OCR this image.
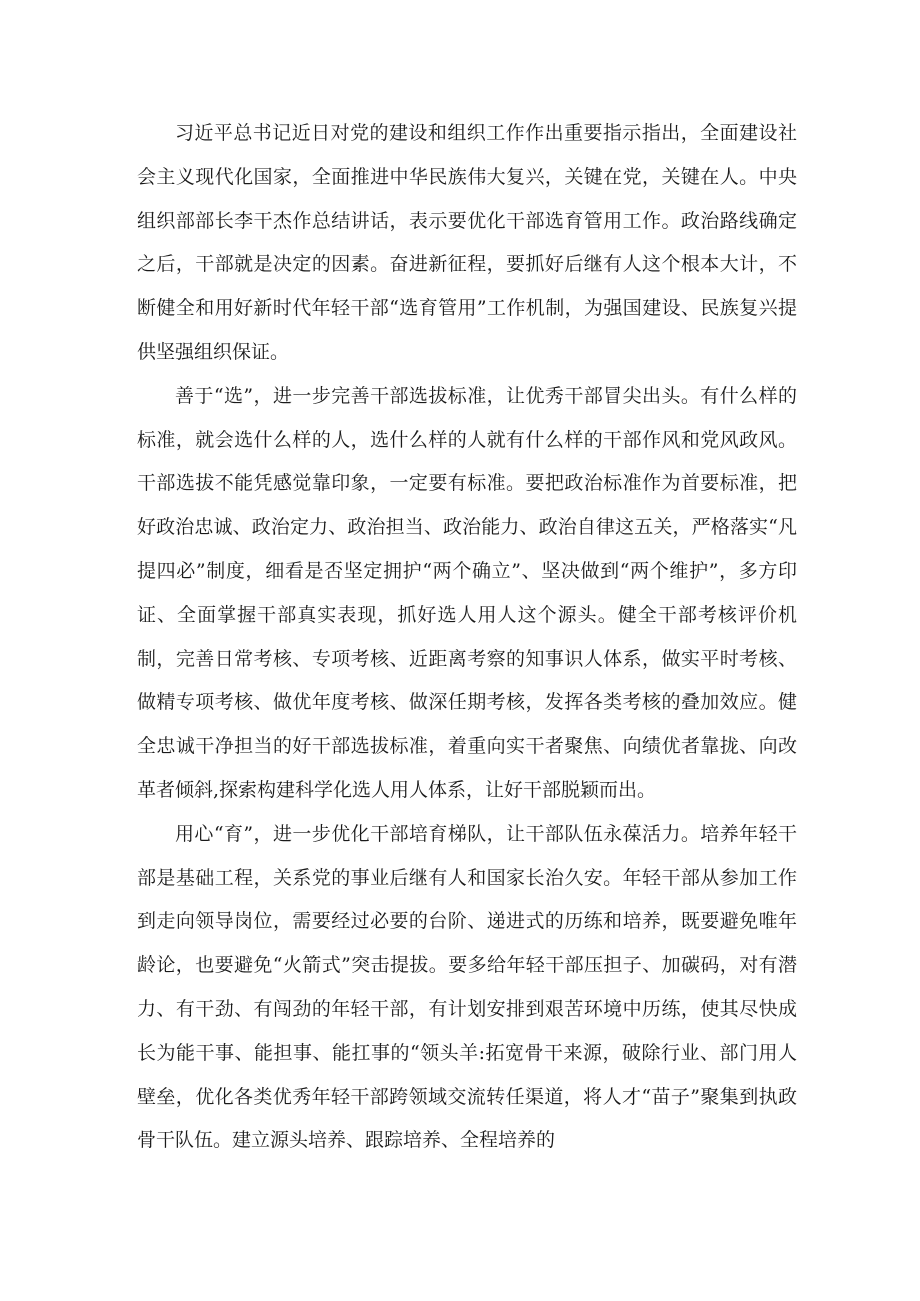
习近平总书记近日对党的建设和组织工作作出重要指示指出，全面建设社会主义现代化国家，全面推进中华民族伟大复兴，关键在党，关键在人。中央组织部部长李干杰作总结讲话，表示要优化干部选育管用工作。政治路线确定之后，干部就是决定的因素。奋进新征程，要抓好后继有人这个根本大计，不断健全和用好新时代年轻干部“选育管用”工作机制，为强国建设、民族复兴提供坚强组织保证。

善于“选”，进一步完善干部选拔标准，让优秀干部冒尖出头。有什么样的标准，就会选什么样的人，选什么样的人就有什么样的干部作风和党风政风。干部选拔不能凭感觉靠印象，一定要有标准。要把政治标准作为首要标准，把好政治忠诚、政治定力、政治担当、政治能力、政治自律这五关，严格落实“凡提四必”制度，细看是否坚定拥护“两个确立”、坚决做到“两个维护”，多方印证、全面掌握干部真实表现，抓好选人用人这个源头。健全干部考核评价机制，完善日常考核、专项考核、近距离考察的知事识人体系，做实平时考核、做精专项考核、做优年度考核、做深任期考核，发挥各类考核的叠加效应。健全忠诚干净担当的好干部选拔标准，着重向实干者聚焦、向绩优者靠拢、向改革者倾斜,探索构建科学化选人用人体系，让好干部脱颖而出。

用心“育”，进一步优化干部培育梯队，让干部队伍永葆活力。培养年轻干部是基础工程，关系党的事业后继有人和国家长治久安。年轻干部从参加工作到走向领导岗位，需要经过必要的台阶、递进式的历练和培养，既要避免唯年龄论，也要避免“火箭式”突击提拔。要多给年轻干部压担子、加碳码，对有潜力、有干劲、有闯劲的年轻干部，有计划安排到艰苦环境中历练，使其尽快成长为能干事、能担事、能扛事的“领头羊:拓宽骨干来源，破除行业、部门用人壁垒，优化各类优秀年轻干部跨领域交流转任渠道，将人才“苗子”聚集到执政骨干队伍。建立源头培养、跟踪培养、全程培养的
